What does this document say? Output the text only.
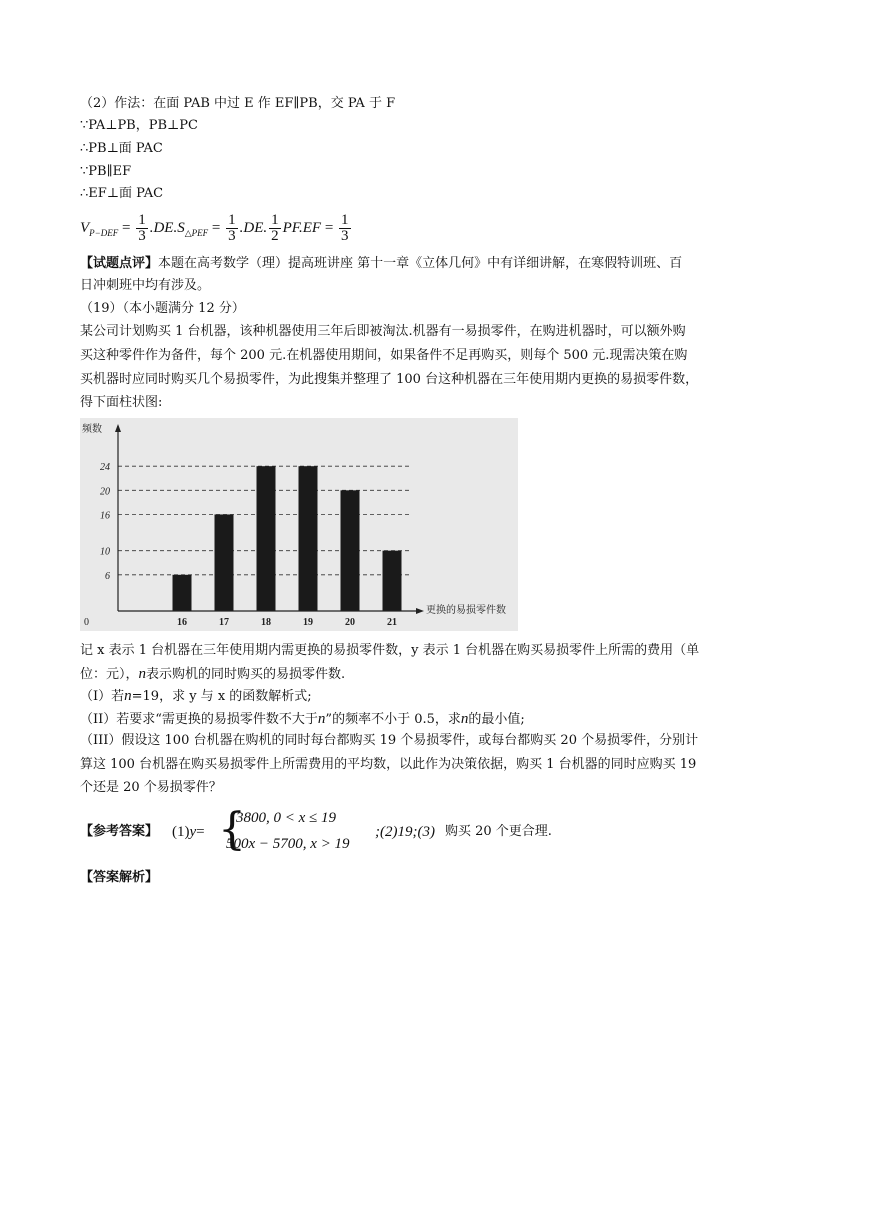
（2）作法：在面 PAB 中过 E 作 EF∥PB，交 PA 于 F
∵PA⊥PB，PB⊥PC
∴PB⊥面 PAC
∵PB∥EF
∴EF⊥面 PAC
$V_{P-DEF} = \frac{1}{3} .DE.S_{\triangle PEF} = \frac{1}{3} .DE$. $\frac{1}{2} PF.EF = \frac{1}{3}$
【试题点评】本题在高考数学（理）提高班讲座 第十一章《立体几何》中有详细讲解，在寒假特训班、百
日冲刺班中均有涉及。
（19）（本小题满分 12 分）
某公司计划购买 1 台机器，该种机器使用三年后即被淘汰.机器有一易损零件，在购进机器时，可以额外购
买这种零件作为备件，每个 200 元.在机器使用期间，如果备件不足再购买，则每个 500 元.现需决策在购
买机器时应同时购买几个易损零件，为此搜集并整理了 100 台这种机器在三年使用期内更换的易损零件数，
得下面柱状图:
6
10
16
20
24
16	17	18	19	20	21
频数
更换的易损零件数
0
记 x 表示 1 台机器在三年使用期内需更换的易损零件数，y 表示 1 台机器在购买易损零件上所需的费用（单
位：元），n表示购机的同时购买的易损零件数.
（I）若n=19，求 y 与 x 的函数解析式;
（II）若要求“需更换的易损零件数不大于n”的频率不小于 0.5，求n的最小值;
（III）假设这 100 台机器在购机的同时每台都购买 19 个易损零件，或每台都购买 20 个易损零件，分别计
算这 100 台机器在购买易损零件上所需费用的平均数，以此作为决策依据，购买 1 台机器的同时应购买 19
个还是 20 个易损零件？
【参考答案】 (1)y= {
3800, 0 < x ≤ 19
500x − 5700, x > 19
;(2)19;(3) 购买 20 个更合理.
【答案解析】
